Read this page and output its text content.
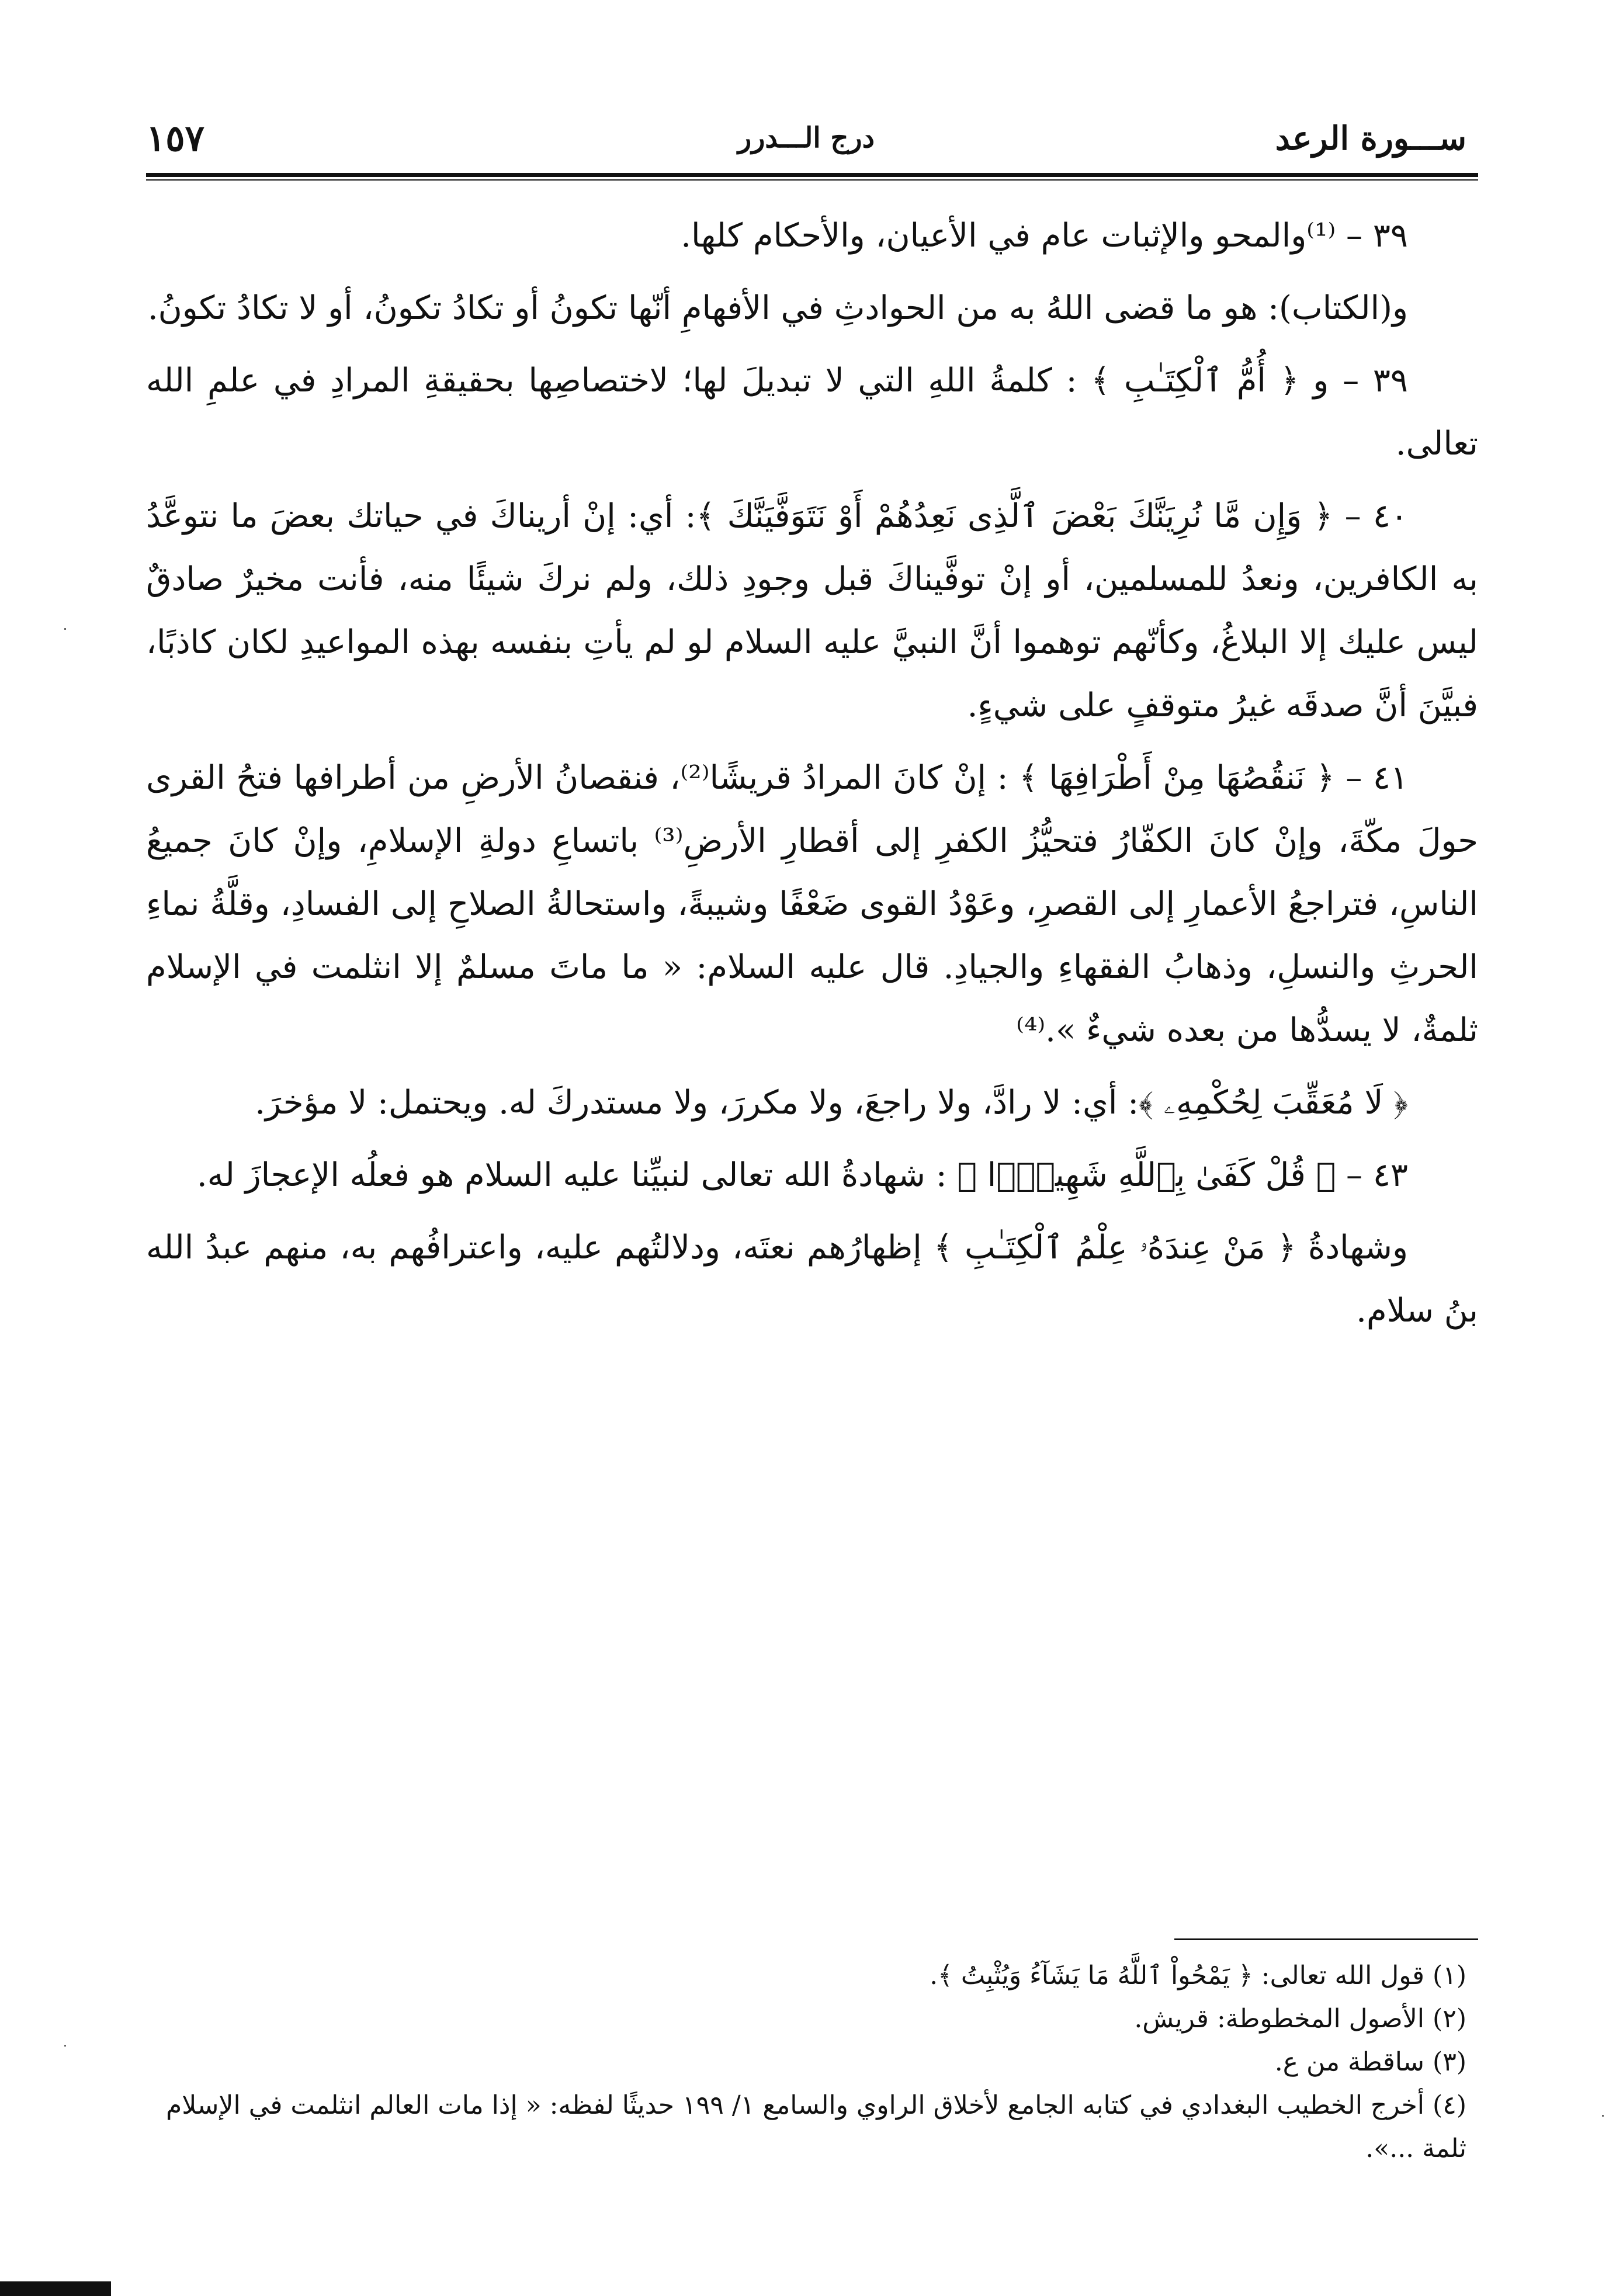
١٥٧	درج الـــدرر	ســـورة الرعد

٣٩ – ⁽¹⁾والمحو والإثبات عام في الأعيان، والأحكام كلها.

و(الكتاب): هو ما قضى اللهُ به من الحوادثِ في الأفهامِ أنّها تكونُ أو تكادُ تكونُ، أو لا تكادُ تكونُ.

٣٩ – و ﴿ أُمُّ ٱلْكِتَـٰبِ ﴾ : كلمةُ اللهِ التي لا تبديلَ لها؛ لاختصاصِها بحقيقةِ المرادِ في علمِ الله تعالى.

٤٠ – ﴿ وَإِن مَّا نُرِيَنَّكَ بَعْضَ ٱلَّذِى نَعِدُهُمْ أَوْ نَتَوَفَّيَنَّكَ ﴾: أي: إنْ أريناكَ في حياتك بعضَ ما نتوعَّدُ به الكافرين، ونعدُ للمسلمين، أو إنْ توفَّيناكَ قبل وجودِ ذلك، ولم نركَ شيئًا منه، فأنت مخيرٌ صادقٌ ليس عليك إلا البلاغُ، وكأنّهم توهموا أنَّ النبيَّ عليه السلام لو لم يأتِ بنفسه بهذه المواعيدِ لكان كاذبًا، فبيَّنَ أنَّ صدقَه غيرُ متوقفٍ على شيءٍ.

٤١ – ﴿ نَنقُصُهَا مِنْ أَطْرَافِهَا ﴾ : إنْ كانَ المرادُ قريشًا⁽²⁾، فنقصانُ الأرضِ من أطرافها فتحُ القرى حولَ مكّةَ، وإنْ كانَ الكفّارُ فتحيُّزُ الكفرِ إلى أقطارِ الأرضِ⁽³⁾ باتساعِ دولةِ الإسلامِ، وإنْ كانَ جميعُ الناسِ، فتراجعُ الأعمارِ إلى القصرِ، وعَوْدُ القوى ضَعْفًا وشيبةً، واستحالةُ الصلاحِ إلى الفسادِ، وقلَّةُ نماءِ الحرثِ والنسلِ، وذهابُ الفقهاءِ والجيادِ. قال عليه السلام: « ما ماتَ مسلمٌ إلا انثلمت في الإسلام ثلمةٌ، لا يسدُّها من بعده شيءٌ ».⁽⁴⁾

﴿ لَا مُعَقِّبَ لِحُكْمِهِۦ ﴾: أي: لا رادَّ، ولا راجعَ، ولا مكررَ، ولا مستدركَ له. ويحتمل: لا مؤخرَ.

٤٣ – ﴿ قُلْ كَفَىٰ بِٱللَّهِ شَهِيدًۢا ﴾ : شهادةُ الله تعالى لنبيِّنا عليه السلام هو فعلُه الإعجازَ له.

وشهادةُ ﴿ مَنْ عِندَهُۥ عِلْمُ ٱلْكِتَـٰبِ ﴾ إظهارُهم نعتَه، ودلالتُهم عليه، واعترافُهم به، منهم عبدُ الله بنُ سلام.

(١) قول الله تعالى: ﴿ يَمْحُواْ ٱللَّهُ مَا يَشَآءُ وَيُثْبِتُ ﴾.

(٢) الأصول المخطوطة: قريش.

(٣) ساقطة من ع.

(٤) أخرج الخطيب البغدادي في كتابه الجامع لأخلاق الراوي والسامع ١/ ١٩٩ حديثًا لفظه: « إذا مات العالم انثلمت في الإسلام ثلمة ...».
